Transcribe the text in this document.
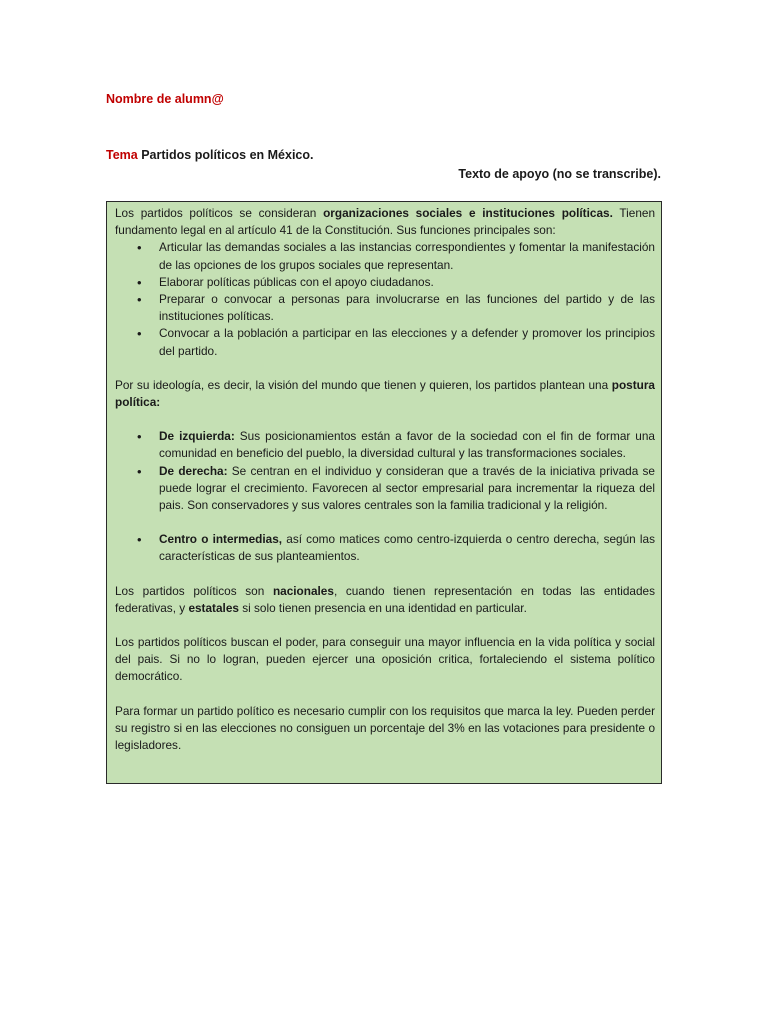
Nombre de alumn@
Tema Partidos políticos en México.
Texto de apoyo (no se transcribe).

Los partidos políticos se consideran organizaciones sociales e instituciones políticas. Tienen fundamento legal en al artículo 41 de la Constitución. Sus funciones principales son:

• Articular las demandas sociales a las instancias correspondientes y fomentar la manifestación de las opciones de los grupos sociales que representan.
• Elaborar políticas públicas con el apoyo ciudadanos.
• Preparar o convocar a personas para involucrarse en las funciones del partido y de las instituciones políticas.
• Convocar a la población a participar en las elecciones y a defender y promover los principios del partido.

Por su ideología, es decir, la visión del mundo que tienen y quieren, los partidos plantean una postura política:

• De izquierda: Sus posicionamientos están a favor de la sociedad con el fin de formar una comunidad en beneficio del pueblo, la diversidad cultural y las transformaciones sociales.
• De derecha: Se centran en el individuo y consideran que a través de la iniciativa privada se puede lograr el crecimiento. Favorecen al sector empresarial para incrementar la riqueza del pais. Son conservadores y sus valores centrales son la familia tradicional y la religión.
• Centro o intermedias, así como matices como centro-izquierda o centro derecha, según las características de sus planteamientos.

Los partidos políticos son nacionales, cuando tienen representación en todas las entidades federativas, y estatales si solo tienen presencia en una identidad en particular.

Los partidos políticos buscan el poder, para conseguir una mayor influencia en la vida política y social del pais. Si no lo logran, pueden ejercer una oposición critica, fortaleciendo el sistema político democrático.

Para formar un partido político es necesario cumplir con los requisitos que marca la ley. Pueden perder su registro si en las elecciones no consiguen un porcentaje del 3% en las votaciones para presidente o legisladores.
